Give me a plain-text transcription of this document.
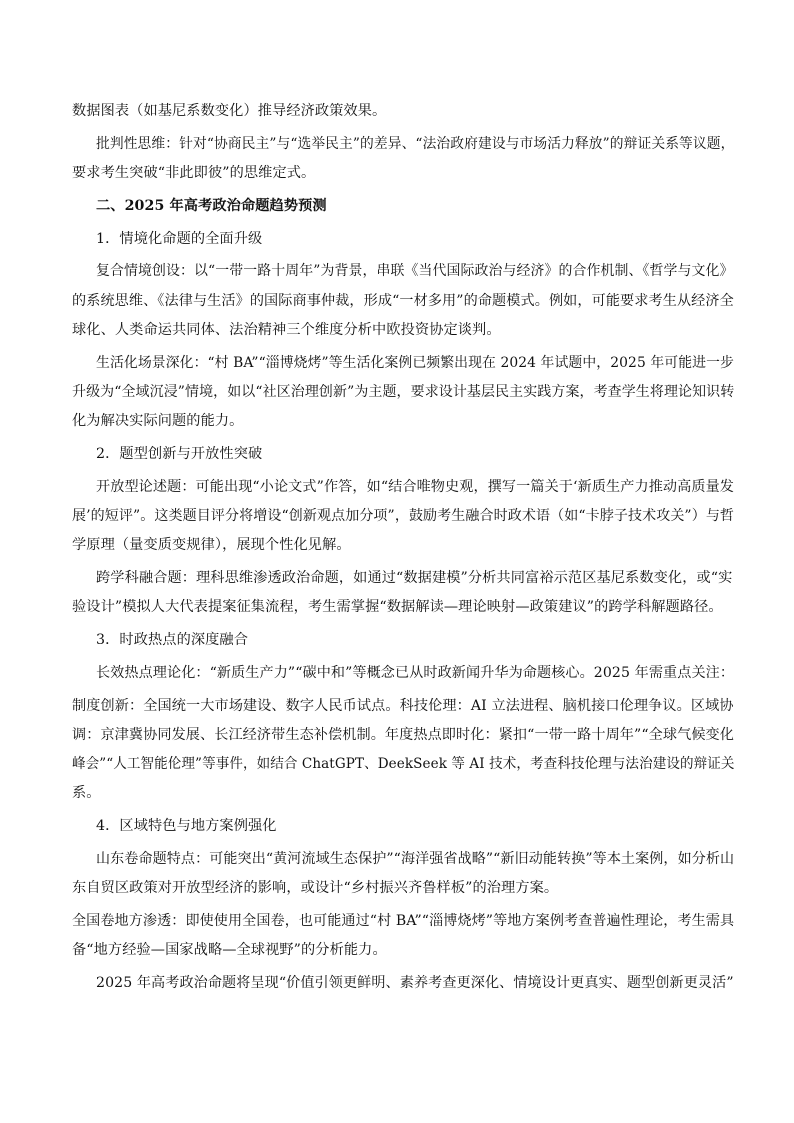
数据图表（如基尼系数变化）推导经济政策效果。
批判性思维：针对“协商民主”与“选举民主”的差异、“法治政府建设与市场活力释放”的辩证关系等议题，
要求考生突破“非此即彼”的思维定式。
二、2025 年高考政治命题趋势预测
1．情境化命题的全面升级
复合情境创设：以“一带一路十周年”为背景，串联《当代国际政治与经济》的合作机制、《哲学与文化》
的系统思维、《法律与生活》的国际商事仲裁，形成“一材多用”的命题模式。例如，可能要求考生从经济全
球化、人类命运共同体、法治精神三个维度分析中欧投资协定谈判。
生活化场景深化：“村 BA”“淄博烧烤”等生活化案例已频繁出现在 2024 年试题中，2025 年可能进一步
升级为“全域沉浸”情境，如以“社区治理创新”为主题，要求设计基层民主实践方案，考查学生将理论知识转
化为解决实际问题的能力。
2．题型创新与开放性突破
开放型论述题：可能出现“小论文式”作答，如“结合唯物史观，撰写一篇关于‘新质生产力推动高质量发
展’的短评”。这类题目评分将增设“创新观点加分项”，鼓励考生融合时政术语（如“卡脖子技术攻关”）与哲
学原理（量变质变规律），展现个性化见解。
跨学科融合题：理科思维渗透政治命题，如通过“数据建模”分析共同富裕示范区基尼系数变化，或“实
验设计”模拟人大代表提案征集流程，考生需掌握“数据解读—理论映射—政策建议”的跨学科解题路径。
3．时政热点的深度融合
长效热点理论化：“新质生产力”“碳中和”等概念已从时政新闻升华为命题核心。2025 年需重点关注：
制度创新：全国统一大市场建设、数字人民币试点。科技伦理：AI 立法进程、脑机接口伦理争议。区域协
调：京津冀协同发展、长江经济带生态补偿机制。年度热点即时化：紧扣“一带一路十周年”“全球气候变化
峰会”“人工智能伦理”等事件，如结合 ChatGPT、DeekSeek 等 AI 技术，考查科技伦理与法治建设的辩证关
系。
4．区域特色与地方案例强化
山东卷命题特点：可能突出“黄河流域生态保护”“海洋强省战略”“新旧动能转换”等本土案例，如分析山
东自贸区政策对开放型经济的影响，或设计“乡村振兴齐鲁样板”的治理方案。
全国卷地方渗透：即使使用全国卷，也可能通过“村 BA”“淄博烧烤”等地方案例考查普遍性理论，考生需具
备“地方经验—国家战略—全球视野”的分析能力。
2025 年高考政治命题将呈现“价值引领更鲜明、素养考查更深化、情境设计更真实、题型创新更灵活”
